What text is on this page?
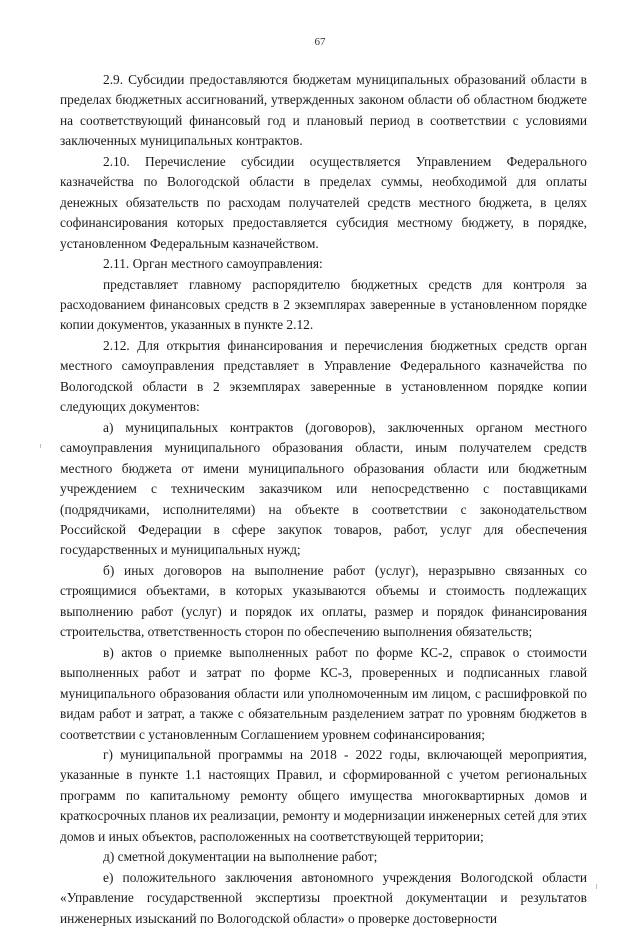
67

2.9. Субсидии предоставляются бюджетам муниципальных образований области в пределах бюджетных ассигнований, утвержденных законом области об областном бюджете на соответствующий финансовый год и плановый период в соответствии с условиями заключенных муниципальных контрактов.

2.10. Перечисление субсидии осуществляется Управлением Федерального казначейства по Вологодской области в пределах суммы, необходимой для оплаты денежных обязательств по расходам получателей средств местного бюджета, в целях софинансирования которых предоставляется субсидия местному бюджету, в порядке, установленном Федеральным казначейством.

2.11. Орган местного самоуправления:

представляет главному распорядителю бюджетных средств для контроля за расходованием финансовых средств в 2 экземплярах заверенные в установленном порядке копии документов, указанных в пункте 2.12.

2.12. Для открытия финансирования и перечисления бюджетных средств орган местного самоуправления представляет в Управление Федерального казначейства по Вологодской области в 2 экземплярах заверенные в установленном порядке копии следующих документов:

а) муниципальных контрактов (договоров), заключенных органом местного самоуправления муниципального образования области, иным получателем средств местного бюджета от имени муниципального образования области или бюджетным учреждением с техническим заказчиком или непосредственно с поставщиками (подрядчиками, исполнителями) на объекте в соответствии с законодательством Российской Федерации в сфере закупок товаров, работ, услуг для обеспечения государственных и муниципальных нужд;

б) иных договоров на выполнение работ (услуг), неразрывно связанных со строящимися объектами, в которых указываются объемы и стоимость подлежащих выполнению работ (услуг) и порядок их оплаты, размер и порядок финансирования строительства, ответственность сторон по обеспечению выполнения обязательств;

в) актов о приемке выполненных работ по форме КС-2, справок о стоимости выполненных работ и затрат по форме КС-3, проверенных и подписанных главой муниципального образования области или уполномоченным им лицом, с расшифровкой по видам работ и затрат, а также с обязательным разделением затрат по уровням бюджетов в соответствии с установленным Соглашением уровнем софинансирования;

г) муниципальной программы на 2018 - 2022 годы, включающей мероприятия, указанные в пункте 1.1 настоящих Правил, и сформированной с учетом региональных программ по капитальному ремонту общего имущества многоквартирных домов и краткосрочных планов их реализации, ремонту и модернизации инженерных сетей для этих домов и иных объектов, расположенных на соответствующей территории;

д) сметной документации на выполнение работ;

е) положительного заключения автономного учреждения Вологодской области «Управление государственной экспертизы проектной документации и результатов инженерных изысканий по Вологодской области» о проверке достоверности
